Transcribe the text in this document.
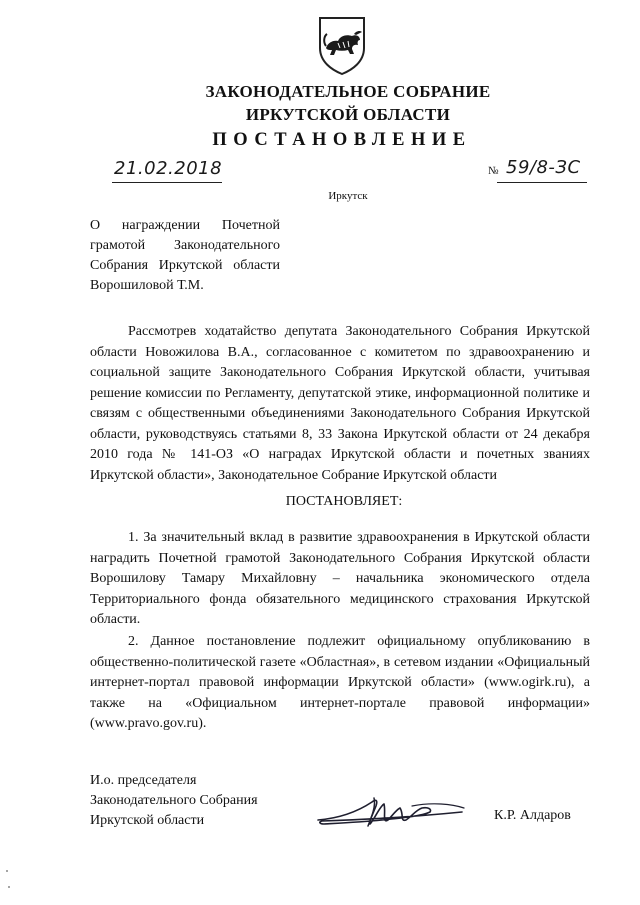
ЗАКОНОДАТЕЛЬНОЕ СОБРАНИЕ
ИРКУТСКОЙ ОБЛАСТИ
ПОСТАНОВЛЕНИЕ
21.02.2018	№ 59/8-ЗС
Иркутск
О награждении Почетной грамотой Законодательного Собрания Иркутской области Ворошиловой Т.М.
Рассмотрев ходатайство депутата Законодательного Собрания Иркутской области Новожилова В.А., согласованное с комитетом по здравоохранению и социальной защите Законодательного Собрания Иркутской области, учитывая решение комиссии по Регламенту, депутатской этике, информационной политике и связям с общественными объединениями Законодательного Собрания Иркутской области, руководствуясь статьями 8, 33 Закона Иркутской области от 24 декабря 2010 года № 141-ОЗ «О наградах Иркутской области и почетных званиях Иркутской области», Законодательное Собрание Иркутской области
ПОСТАНОВЛЯЕТ:
1. За значительный вклад в развитие здравоохранения в Иркутской области наградить Почетной грамотой Законодательного Собрания Иркутской области Ворошилову Тамару Михайловну – начальника экономического отдела Территориального фонда обязательного медицинского страхования Иркутской области.
2. Данное постановление подлежит официальному опубликованию в общественно-политической газете «Областная», в сетевом издании «Официальный интернет-портал правовой информации Иркутской области» (www.ogirk.ru), а также на «Официальном интернет-портале правовой информации» (www.pravo.gov.ru).
И.о. председателя
Законодательного Собрания
Иркутской области	К.Р. Алдаров
